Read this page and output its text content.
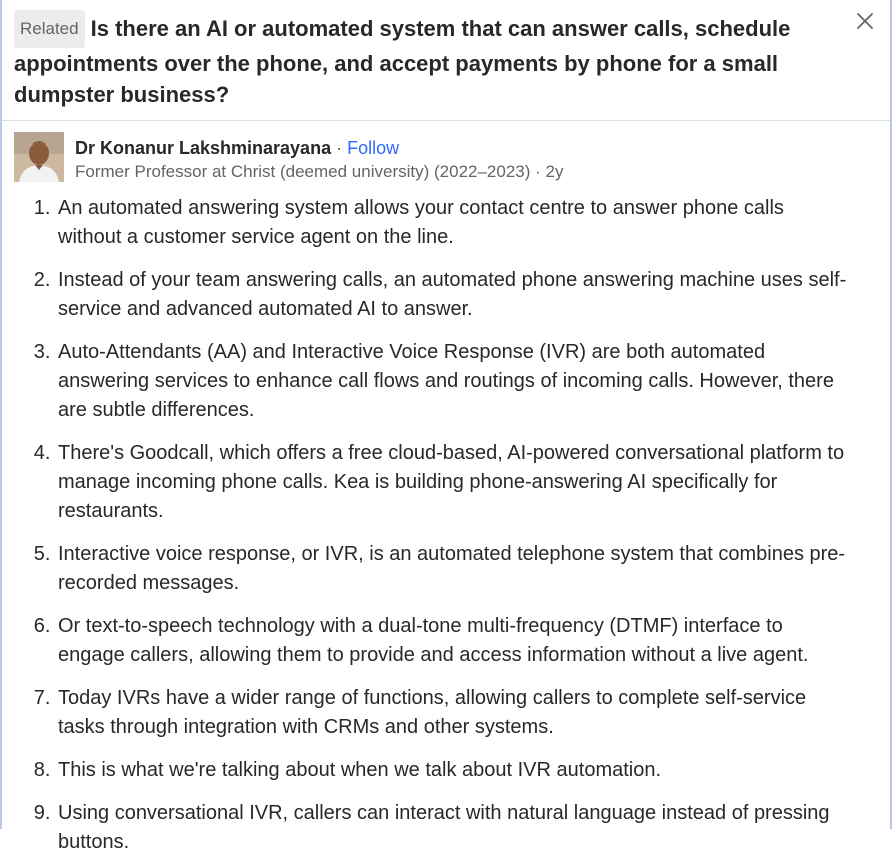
Related Is there an AI or automated system that can answer calls, schedule appointments over the phone, and accept payments by phone for a small dumpster business?
Dr Konanur Lakshminarayana · Follow
Former Professor at Christ (deemed university) (2022–2023) · 2y
1. An automated answering system allows your contact centre to answer phone calls without a customer service agent on the line.
2. Instead of your team answering calls, an automated phone answering machine uses self-service and advanced automated AI to answer.
3. Auto-Attendants (AA) and Interactive Voice Response (IVR) are both automated answering services to enhance call flows and routings of incoming calls. However, there are subtle differences.
4. There's Goodcall, which offers a free cloud-based, AI-powered conversational platform to manage incoming phone calls. Kea is building phone-answering AI specifically for restaurants.
5. Interactive voice response, or IVR, is an automated telephone system that combines pre-recorded messages.
6. Or text-to-speech technology with a dual-tone multi-frequency (DTMF) interface to engage callers, allowing them to provide and access information without a live agent.
7. Today IVRs have a wider range of functions, allowing callers to complete self-service tasks through integration with CRMs and other systems.
8. This is what we're talking about when we talk about IVR automation.
9. Using conversational IVR, callers can interact with natural language instead of pressing buttons.
